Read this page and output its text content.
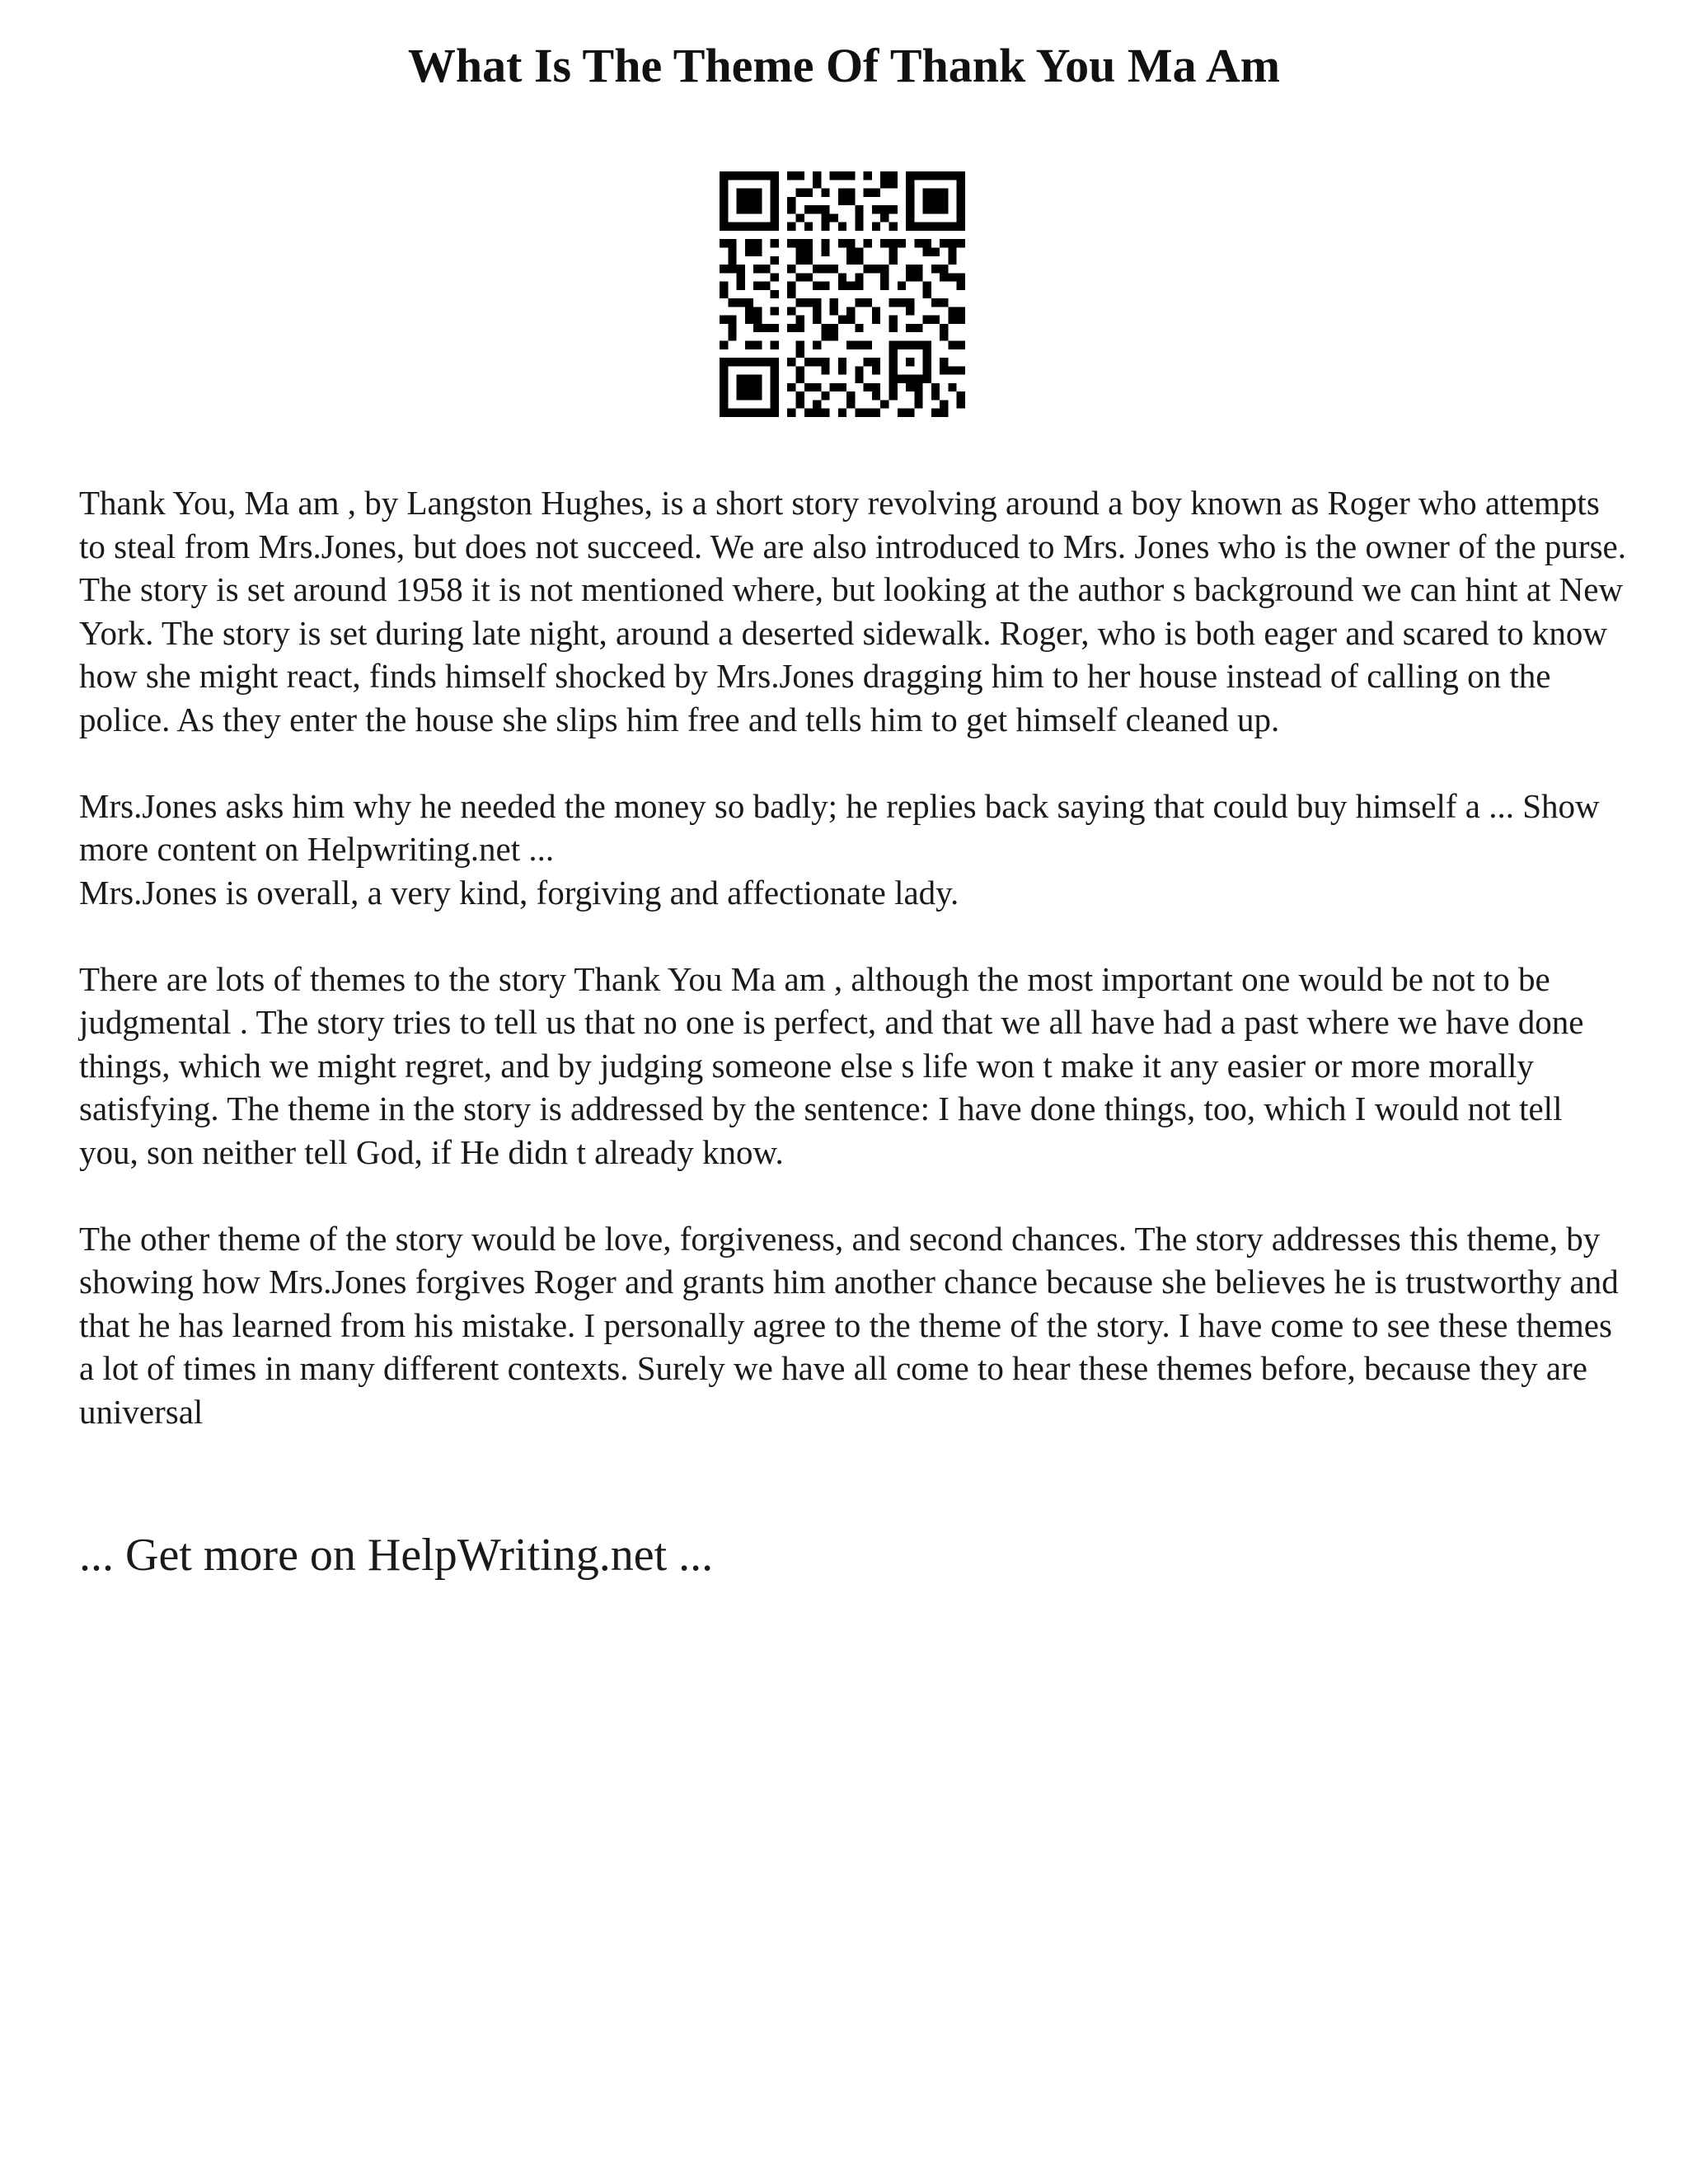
What Is The Theme Of Thank You Ma Am

Thank You, Ma am , by Langston Hughes, is a short story revolving around a boy known as Roger who attempts to steal from Mrs.Jones, but does not succeed. We are also introduced to Mrs. Jones who is the owner of the purse. The story is set around 1958 it is not mentioned where, but looking at the author s background we can hint at New York. The story is set during late night, around a deserted sidewalk. Roger, who is both eager and scared to know how she might react, finds himself shocked by Mrs.Jones dragging him to her house instead of calling on the police. As they enter the house she slips him free and tells him to get himself cleaned up.

Mrs.Jones asks him why he needed the money so badly; he replies back saying that could buy himself a ... Show more content on Helpwriting.net ...

Mrs.Jones is overall, a very kind, forgiving and affectionate lady.

There are lots of themes to the story Thank You Ma am , although the most important one would be not to be judgmental . The story tries to tell us that no one is perfect, and that we all have had a past where we have done things, which we might regret, and by judging someone else s life won t make it any easier or more morally satisfying. The theme in the story is addressed by the sentence: I have done things, too, which I would not tell you, son neither tell God, if He didn t already know.

The other theme of the story would be love, forgiveness, and second chances. The story addresses this theme, by showing how Mrs.Jones forgives Roger and grants him another chance because she believes he is trustworthy and that he has learned from his mistake. I personally agree to the theme of the story. I have come to see these themes a lot of times in many different contexts. Surely we have all come to hear these themes before, because they are universal

... Get more on HelpWriting.net ...
